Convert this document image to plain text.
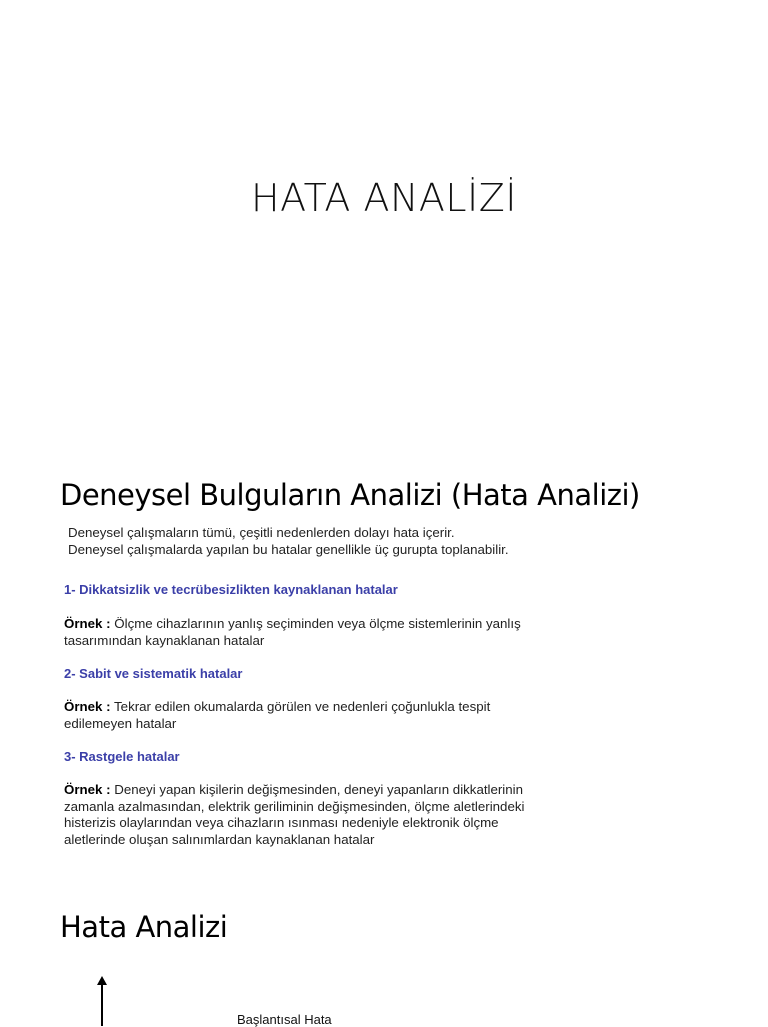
HATA ANALİZİ
Deneysel Bulguların Analizi (Hata Analizi)
Deneysel çalışmaların tümü, çeşitli nedenlerden dolayı hata içerir.
Deneysel çalışmalarda yapılan bu hatalar genellikle üç gurupta toplanabilir.
1- Dikkatsizlik ve tecrübesizlikten kaynaklanan hatalar
Örnek : Ölçme cihazlarının yanlış seçiminden veya ölçme sistemlerinin yanlış
tasarımından kaynaklanan hatalar
2- Sabit ve sistematik hatalar
Örnek : Tekrar edilen okumalarda görülen ve nedenleri çoğunlukla tespit
edilemeyen hatalar
3- Rastgele hatalar
Örnek : Deneyi yapan kişilerin değişmesinden, deneyi yapanların dikkatlerinin
zamanla azalmasından, elektrik geriliminin değişmesinden, ölçme aletlerindeki
histerizis olaylarından veya cihazların ısınması nedeniyle elektronik ölçme
aletlerinde oluşan salınımlardan kaynaklanan hatalar
Hata Analizi
Başlantısal Hata
